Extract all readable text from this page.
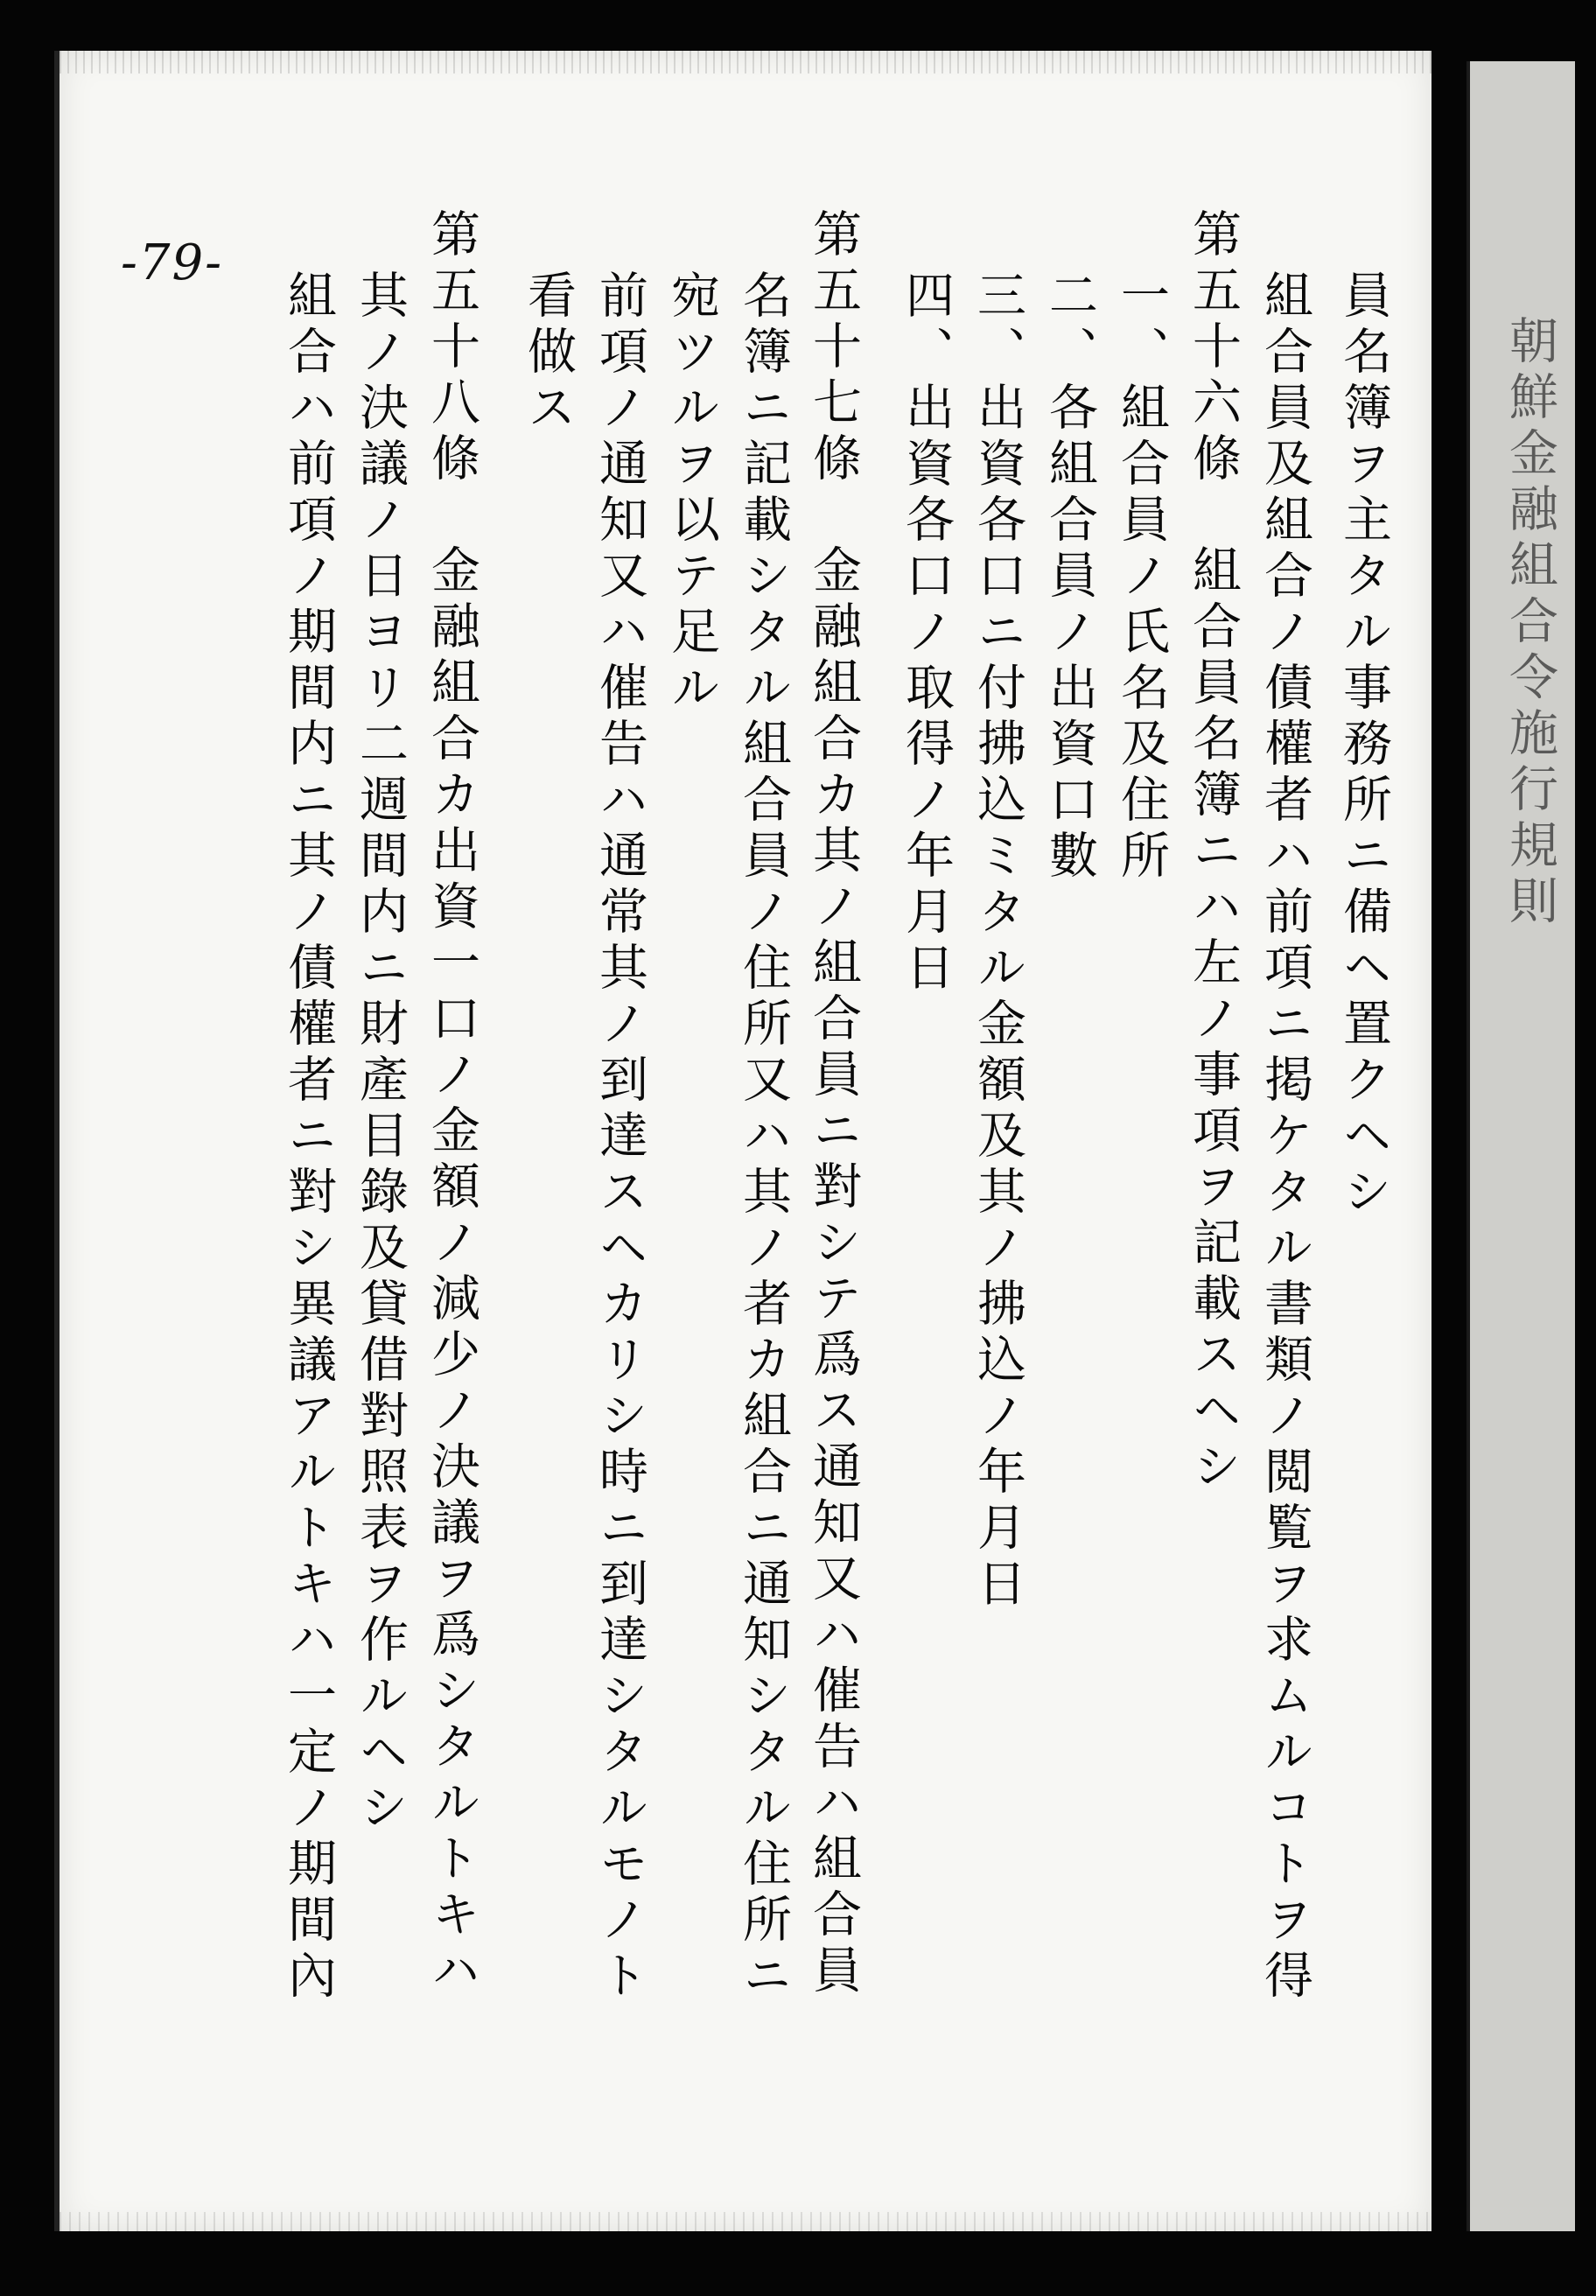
-79-
員名簿ヲ主タル事務所ニ備ヘ置クヘシ
組合員及組合ノ債權者ハ前項ニ掲ケタル書類ノ閲覧ヲ求ムルコトヲ得
第五十六條　組合員名簿ニハ左ノ事項ヲ記載スヘシ
一、組合員ノ氏名及住所
二、各組合員ノ出資口數
三、出資各口ニ付拂込ミタル金額及其ノ拂込ノ年月日
四、出資各口ノ取得ノ年月日
第五十七條　金融組合カ其ノ組合員ニ對シテ爲ス通知又ハ催告ハ組合員
名簿ニ記載シタル組合員ノ住所又ハ其ノ者カ組合ニ通知シタル住所ニ
宛ツルヲ以テ足ル
前項ノ通知又ハ催告ハ通常其ノ到達スヘカリシ時ニ到達シタルモノト
看做ス
第五十八條　金融組合カ出資一口ノ金額ノ減少ノ決議ヲ爲シタルトキハ
其ノ決議ノ日ヨリ二週間内ニ財產目錄及貸借對照表ヲ作ルヘシ
組合ハ前項ノ期間内ニ其ノ債權者ニ對シ異議アルトキハ一定ノ期間內	朝鮮金融組合令施行規則
